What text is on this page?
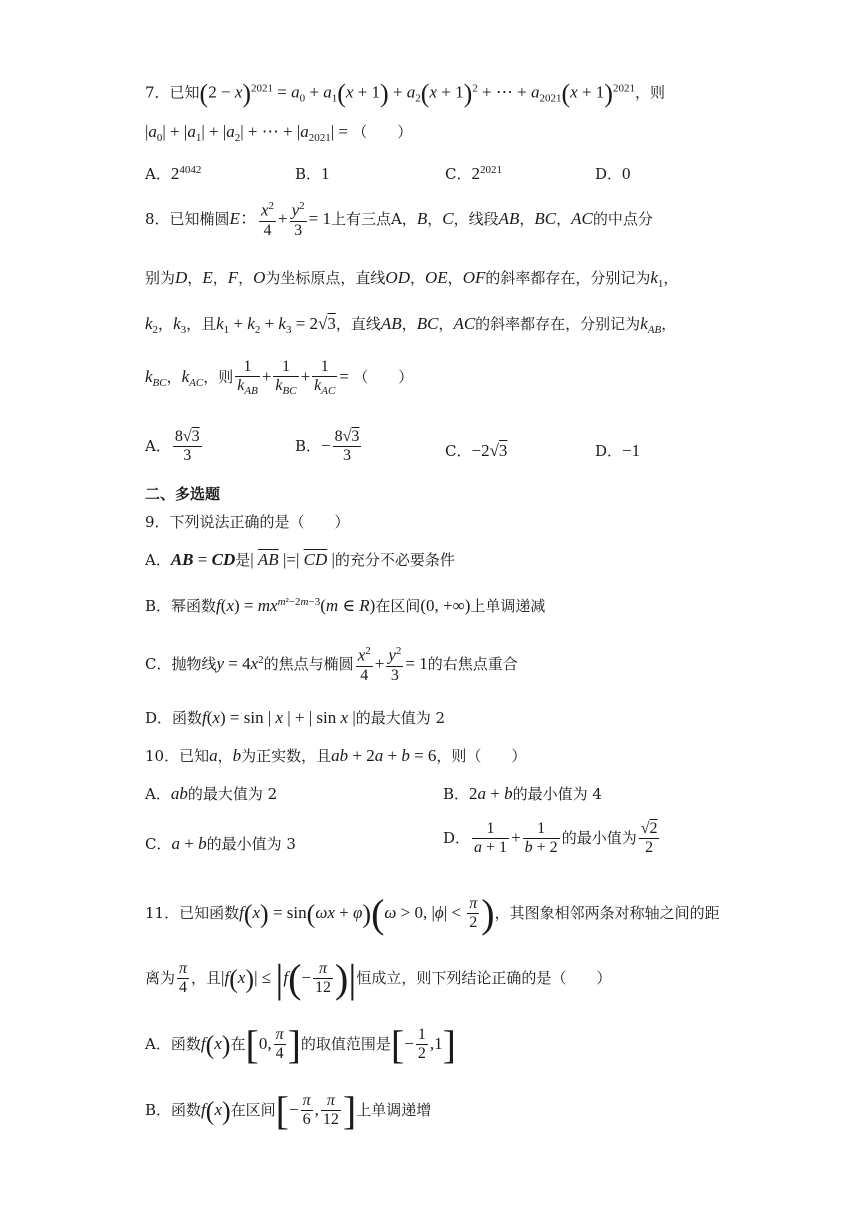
7．已知$(2 - x)^{2021} = a_0 + a_1(x + 1) + a_2(x + 1)^2$ + ⋯ + $a_{2021}(x + 1)^{2021}$，则
$|a_0| + |a_1| + |a_2|$ + ⋯ + $|a_{2021}|$ = （　　）
A．$2^{4042}$	B．1	C．$2^{2021}$	D．0
8．已知椭圆E： $\frac{x^2}{4} + \frac{y^2}{3} = 1$上有三点A，B，C，线段AB，BC，AC的中点分
别为D，E，F，O为坐标原点，直线OD，OE，OF的斜率都存在，分别记为$k_1$，
$k_2$，$k_3$，且$k_1 + k_2 + k_3 = 2√3$，直线AB，BC，AC的斜率都存在，分别记为$k_{AB}$，
$k_{BC}$，$k_{AC}$，则 $\frac{1}{k_{AB}} + \frac{1}{k_{BC}} + \frac{1}{k_{AC}}$ = （　　）
A． $\frac{8√3}{3}$	B．− $\frac{8√3}{3}$	C．−2√3	D．−1
二、多选题
9．下列说法正确的是（　　）
A．AB = CD是| $\overline{AB}$ |=| $\overline{CD}$ |的充分不必要条件
B．幂函数$f(x) = mx^{m^2-2m-3}(m$ ∈ R)在区间(0, +∞)上单调递减
C．抛物线$y = 4x^2$的焦点与椭圆 $\frac{x^2}{4} + \frac{y^2}{3} = 1$的右焦点重合
D．函数f(x) = sin | x | + | sin x |的最大值为 2
10．已知a，b为正实数，且ab + 2a + b = 6，则（　　）
A．ab的最大值为 2	B．2a + b的最小值为 4
C．a + b的最小值为 3	D． $\frac{1}{a + 1} + \frac{1}{b + 2}$ 的最小值为 $\frac{√2}{2}$
11．已知函数f(x) = sin(ωx + φ)(ω > 0, $|\phi| < \frac{\pi}{2}$ )，其图象相邻两条对称轴之间的距
离为 $\frac{\pi}{4}$ ，且$|f(x)| \le |f(- \frac{\pi}{12}$ )|恒成立，则下列结论正确的是（　　）
A．函数f(x)在[0, $\frac{\pi}{4}$ ]的取值范围是[− $\frac{1}{2} ,1$]
B．函数f(x)在区间[− $\frac{\pi}{6}$ , $\frac{\pi}{12}$ ]上单调递增
